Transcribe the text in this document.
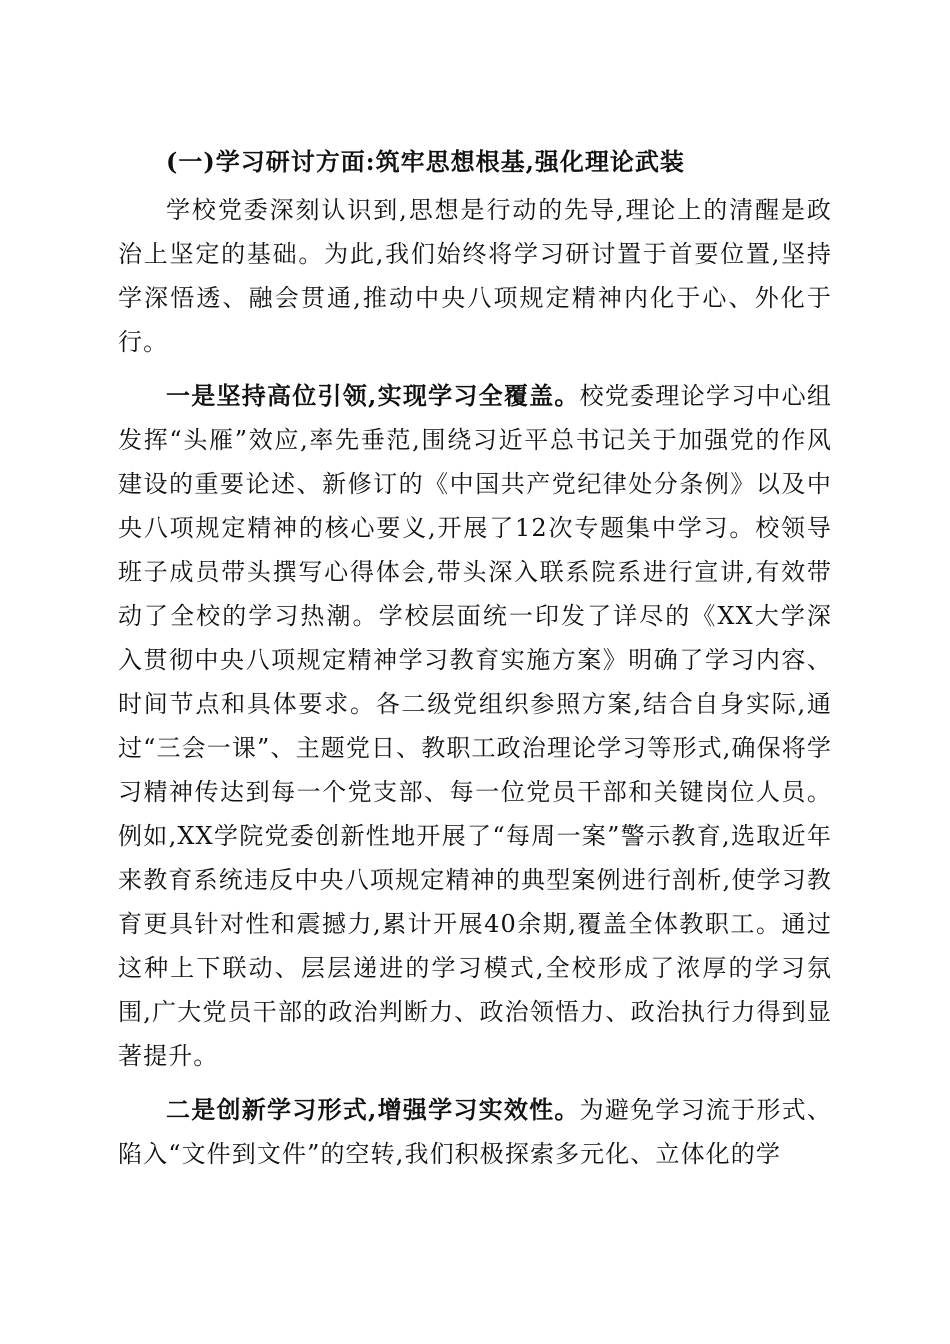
(一)学习研讨方面:筑牢思想根基,强化理论武装

学校党委深刻认识到,思想是行动的先导,理论上的清醒是政治上坚定的基础。为此,我们始终将学习研讨置于首要位置,坚持学深悟透、融会贯通,推动中央八项规定精神内化于心、外化于行。

一是坚持高位引领,实现学习全覆盖。校党委理论学习中心组发挥“头雁”效应,率先垂范,围绕习近平总书记关于加强党的作风建设的重要论述、新修订的《中国共产党纪律处分条例》以及中央八项规定精神的核心要义,开展了12次专题集中学习。校领导班子成员带头撰写心得体会,带头深入联系院系进行宣讲,有效带动了全校的学习热潮。学校层面统一印发了详尽的《XX大学深入贯彻中央八项规定精神学习教育实施方案》明确了学习内容、时间节点和具体要求。各二级党组织参照方案,结合自身实际,通过“三会一课”、主题党日、教职工政治理论学习等形式,确保将学习精神传达到每一个党支部、每一位党员干部和关键岗位人员。例如,XX学院党委创新性地开展了“每周一案”警示教育,选取近年来教育系统违反中央八项规定精神的典型案例进行剖析,使学习教育更具针对性和震撼力,累计开展40余期,覆盖全体教职工。通过这种上下联动、层层递进的学习模式,全校形成了浓厚的学习氛围,广大党员干部的政治判断力、政治领悟力、政治执行力得到显著提升。

二是创新学习形式,增强学习实效性。为避免学习流于形式、陷入“文件到文件”的空转,我们积极探索多元化、立体化的学
